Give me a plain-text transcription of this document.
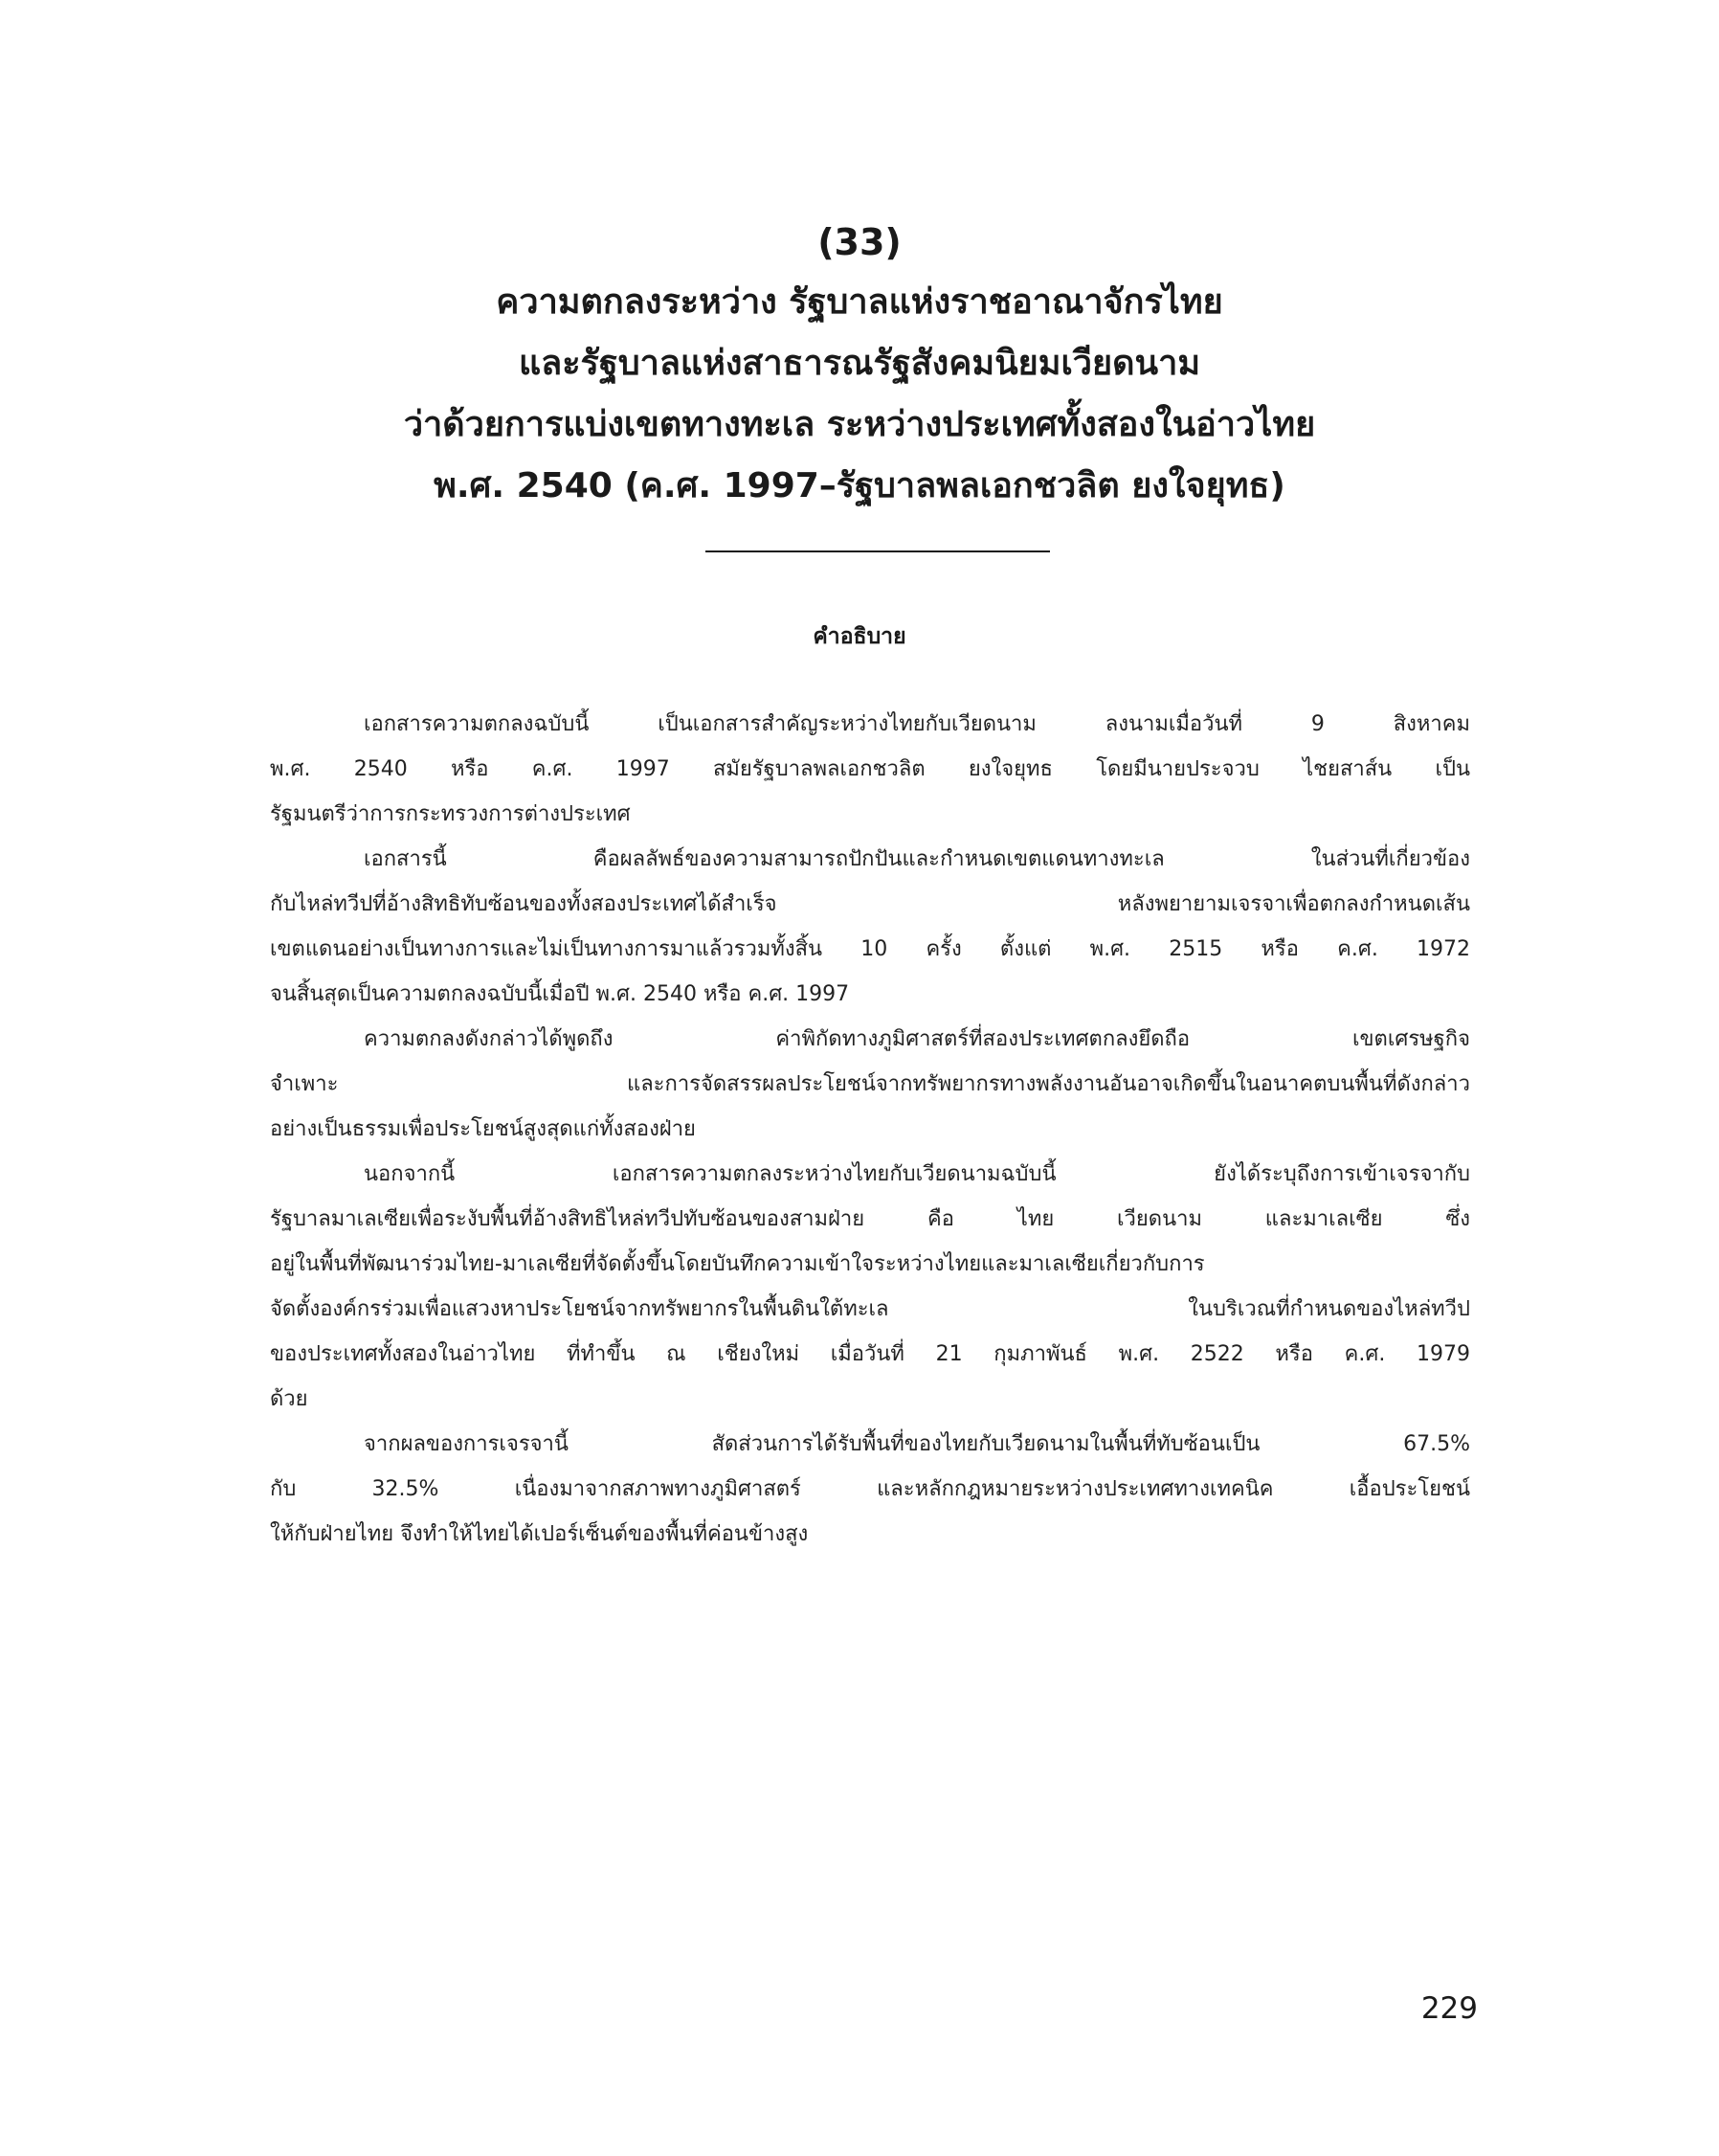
(33)
ความตกลงระหว่าง รัฐบาลแห่งราชอาณาจักรไทย
และรัฐบาลแห่งสาธารณรัฐสังคมนิยมเวียดนาม
ว่าด้วยการแบ่งเขตทางทะเล ระหว่างประเทศทั้งสองในอ่าวไทย
พ.ศ. 2540 (ค.ศ. 1997–รัฐบาลพลเอกชวลิต ยงใจยุทธ)
คำอธิบาย
เอกสารความตกลงฉบับนี้ เป็นเอกสารสำคัญระหว่างไทยกับเวียดนาม ลงนามเมื่อวันที่ 9 สิงหาคม
พ.ศ. 2540 หรือ ค.ศ. 1997 สมัยรัฐบาลพลเอกชวลิต ยงใจยุทธ โดยมีนายประจวบ ไชยสาส์น เป็น
รัฐมนตรีว่าการกระทรวงการต่างประเทศ
เอกสารนี้ คือผลลัพธ์ของความสามารถปักปันและกำหนดเขตแดนทางทะเล ในส่วนที่เกี่ยวข้อง
กับไหล่ทวีปที่อ้างสิทธิทับซ้อนของทั้งสองประเทศได้สำเร็จ หลังพยายามเจรจาเพื่อตกลงกำหนดเส้น
เขตแดนอย่างเป็นทางการและไม่เป็นทางการมาแล้วรวมทั้งสิ้น 10 ครั้ง ตั้งแต่ พ.ศ. 2515 หรือ ค.ศ. 1972
จนสิ้นสุดเป็นความตกลงฉบับนี้เมื่อปี พ.ศ. 2540 หรือ ค.ศ. 1997
ความตกลงดังกล่าวได้พูดถึง ค่าพิกัดทางภูมิศาสตร์ที่สองประเทศตกลงยึดถือ เขตเศรษฐกิจ
จำเพาะ และการจัดสรรผลประโยชน์จากทรัพยากรทางพลังงานอันอาจเกิดขึ้นในอนาคตบนพื้นที่ดังกล่าว
อย่างเป็นธรรมเพื่อประโยชน์สูงสุดแก่ทั้งสองฝ่าย
นอกจากนี้ เอกสารความตกลงระหว่างไทยกับเวียดนามฉบับนี้ ยังได้ระบุถึงการเข้าเจรจากับ
รัฐบาลมาเลเซียเพื่อระงับพื้นที่อ้างสิทธิไหล่ทวีปทับซ้อนของสามฝ่าย คือ ไทย เวียดนาม และมาเลเซีย ซึ่ง
อยู่ในพื้นที่พัฒนาร่วมไทย-มาเลเซียที่จัดตั้งขึ้นโดยบันทึกความเข้าใจระหว่างไทยและมาเลเซียเกี่ยวกับการ
จัดตั้งองค์กรร่วมเพื่อแสวงหาประโยชน์จากทรัพยากรในพื้นดินใต้ทะเล ในบริเวณที่กำหนดของไหล่ทวีป
ของประเทศทั้งสองในอ่าวไทย ที่ทำขึ้น ณ เชียงใหม่ เมื่อวันที่ 21 กุมภาพันธ์ พ.ศ. 2522 หรือ ค.ศ. 1979
ด้วย
จากผลของการเจรจานี้ สัดส่วนการได้รับพื้นที่ของไทยกับเวียดนามในพื้นที่ทับซ้อนเป็น 67.5%
กับ 32.5% เนื่องมาจากสภาพทางภูมิศาสตร์ และหลักกฎหมายระหว่างประเทศทางเทคนิค เอื้อประโยชน์
ให้กับฝ่ายไทย จึงทำให้ไทยได้เปอร์เซ็นต์ของพื้นที่ค่อนข้างสูง
229
